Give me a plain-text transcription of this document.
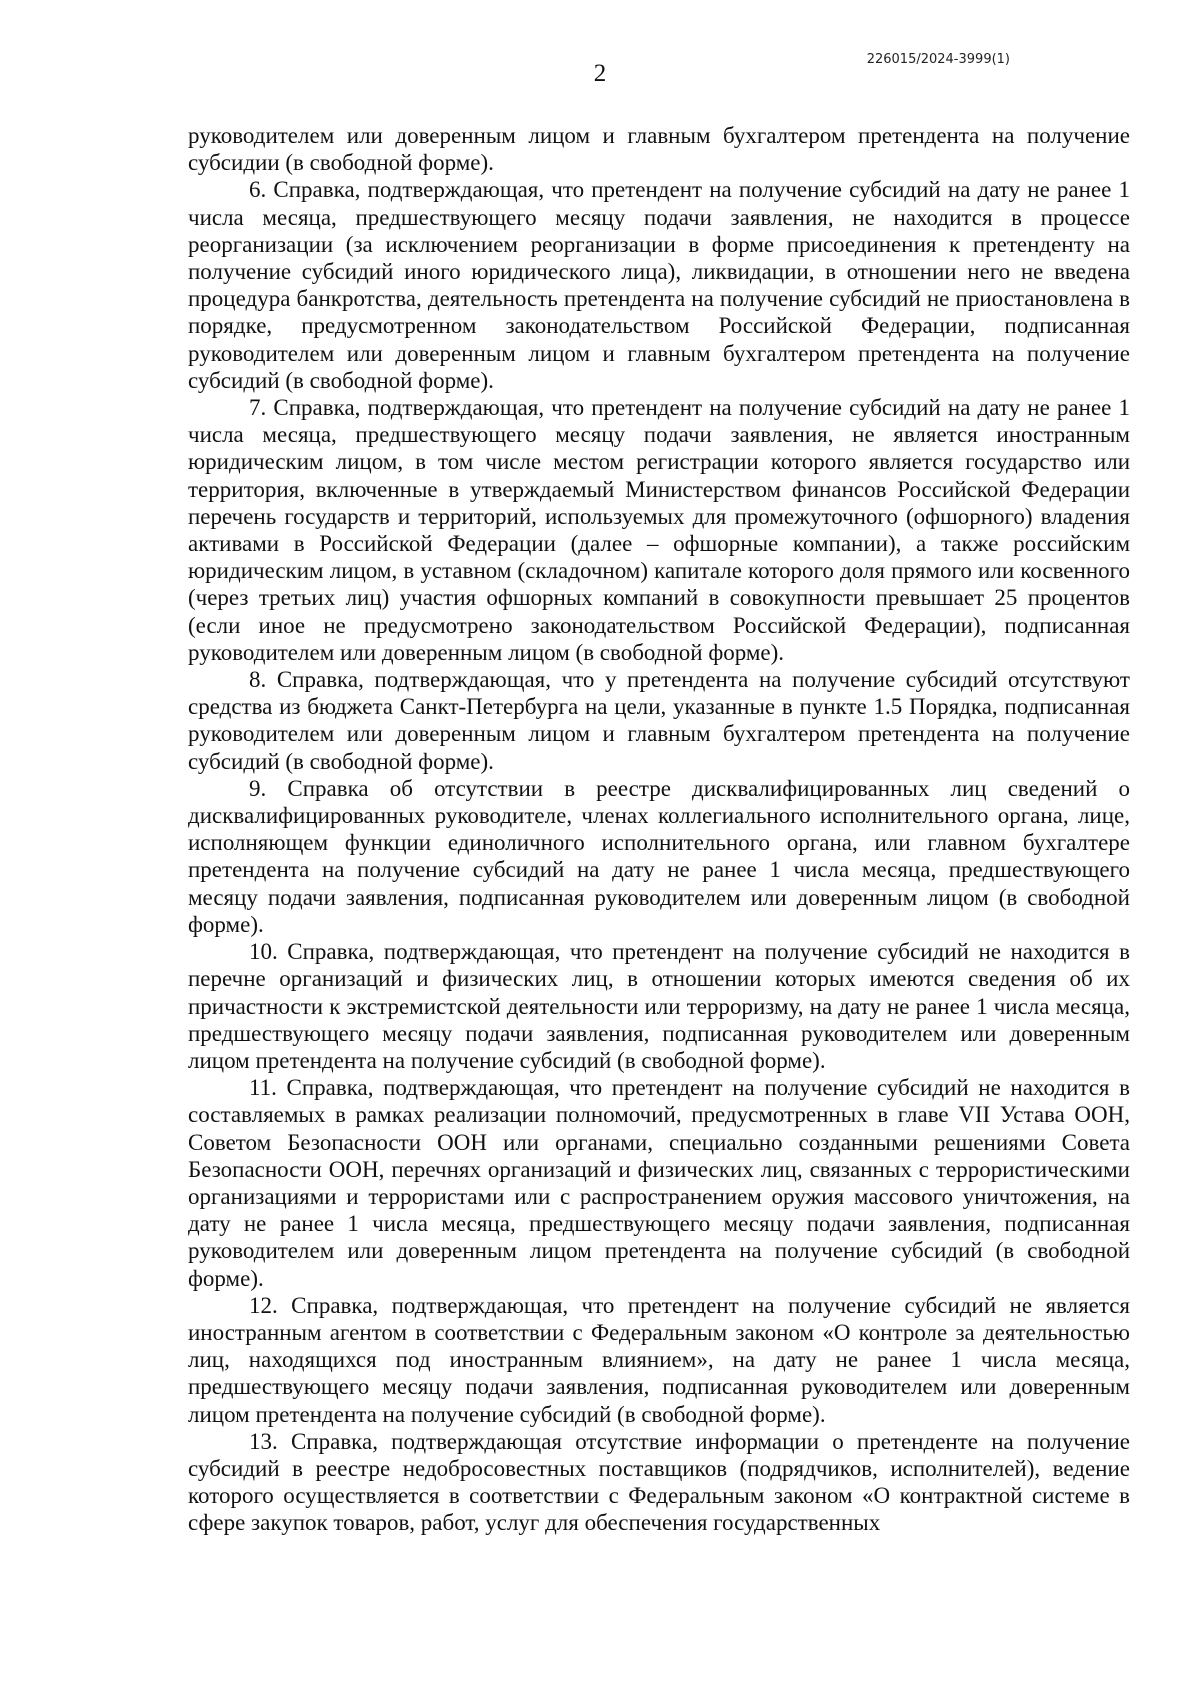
226015/2024-3999(1)
2

руководителем или доверенным лицом и главным бухгалтером претендента на получение субсидии (в свободной форме).

6. Справка, подтверждающая, что претендент на получение субсидий на дату не ранее 1 числа месяца, предшествующего месяцу подачи заявления, не находится в процессе реорганизации (за исключением реорганизации в форме присоединения к претенденту на получение субсидий иного юридического лица), ликвидации, в отношении него не введена процедура банкротства, деятельность претендента на получение субсидий не приостановлена в порядке, предусмотренном законодательством Российской Федерации, подписанная руководителем или доверенным лицом и главным бухгалтером претендента на получение субсидий (в свободной форме).

7. Справка, подтверждающая, что претендент на получение субсидий на дату не ранее 1 числа месяца, предшествующего месяцу подачи заявления, не является иностранным юридическим лицом, в том числе местом регистрации которого является государство или территория, включенные в утверждаемый Министерством финансов Российской Федерации перечень государств и территорий, используемых для промежуточного (офшорного) владения активами в Российской Федерации (далее – офшорные компании), а также российским юридическим лицом, в уставном (складочном) капитале которого доля прямого или косвенного (через третьих лиц) участия офшорных компаний в совокупности превышает 25 процентов (если иное не предусмотрено законодательством Российской Федерации), подписанная руководителем или доверенным лицом (в свободной форме).

8. Справка, подтверждающая, что у претендента на получение субсидий отсутствуют средства из бюджета Санкт-Петербурга на цели, указанные в пункте 1.5 Порядка, подписанная руководителем или доверенным лицом и главным бухгалтером претендента на получение субсидий (в свободной форме).

9. Справка об отсутствии в реестре дисквалифицированных лиц сведений о дисквалифицированных руководителе, членах коллегиального исполнительного органа, лице, исполняющем функции единоличного исполнительного органа, или главном бухгалтере претендента на получение субсидий на дату не ранее 1 числа месяца, предшествующего месяцу подачи заявления, подписанная руководителем или доверенным лицом (в свободной форме).

10. Справка, подтверждающая, что претендент на получение субсидий не находится в перечне организаций и физических лиц, в отношении которых имеются сведения об их причастности к экстремистской деятельности или терроризму, на дату не ранее 1 числа месяца, предшествующего месяцу подачи заявления, подписанная руководителем или доверенным лицом претендента на получение субсидий (в свободной форме).

11. Справка, подтверждающая, что претендент на получение субсидий не находится в составляемых в рамках реализации полномочий, предусмотренных в главе VII Устава ООН, Советом Безопасности ООН или органами, специально созданными решениями Совета Безопасности ООН, перечнях организаций и физических лиц, связанных с террористическими организациями и террористами или с распространением оружия массового уничтожения, на дату не ранее 1 числа месяца, предшествующего месяцу подачи заявления, подписанная руководителем или доверенным лицом претендента на получение субсидий (в свободной форме).

12. Справка, подтверждающая, что претендент на получение субсидий не является иностранным агентом в соответствии с Федеральным законом «О контроле за деятельностью лиц, находящихся под иностранным влиянием», на дату не ранее 1 числа месяца, предшествующего месяцу подачи заявления, подписанная руководителем или доверенным лицом претендента на получение субсидий (в свободной форме).

13. Справка, подтверждающая отсутствие информации о претенденте на получение субсидий в реестре недобросовестных поставщиков (подрядчиков, исполнителей), ведение которого осуществляется в соответствии с Федеральным законом «О контрактной системе в сфере закупок товаров, работ, услуг для обеспечения государственных
